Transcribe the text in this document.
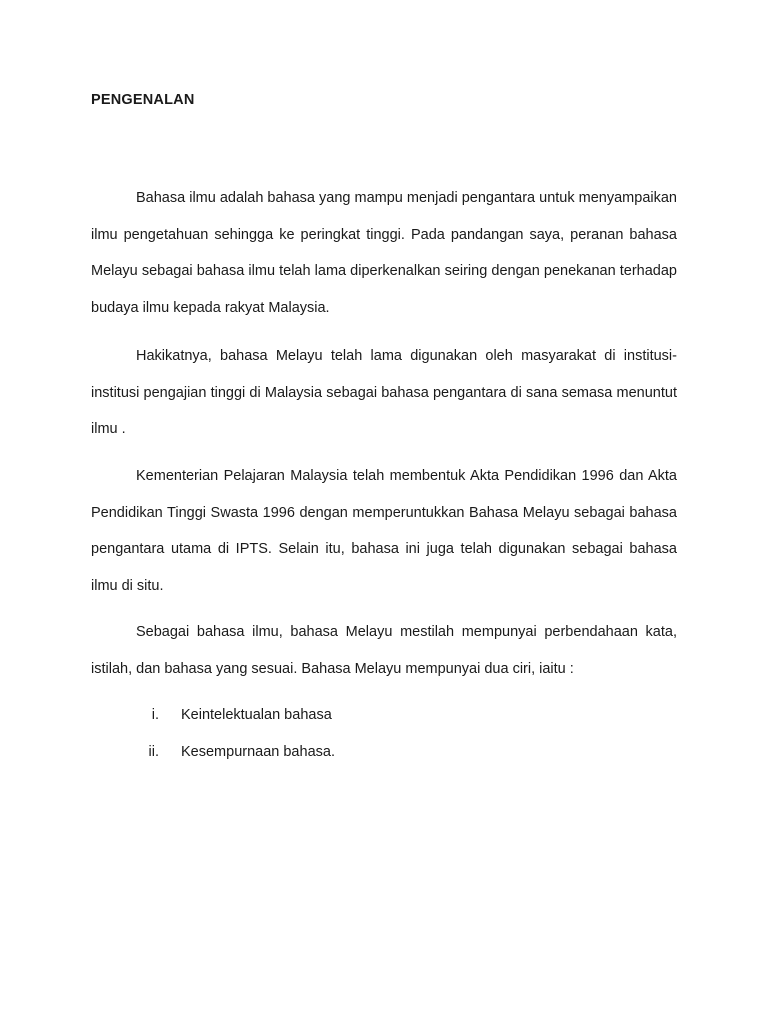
PENGENALAN

Bahasa ilmu adalah bahasa yang mampu menjadi pengantara untuk menyampaikan ilmu pengetahuan sehingga ke peringkat tinggi. Pada pandangan saya, peranan bahasa Melayu sebagai bahasa ilmu telah lama diperkenalkan seiring dengan penekanan terhadap budaya ilmu kepada rakyat Malaysia.

Hakikatnya, bahasa Melayu telah lama digunakan oleh masyarakat di institusi-institusi pengajian tinggi di Malaysia sebagai bahasa pengantara di sana semasa menuntut ilmu .

Kementerian Pelajaran Malaysia telah membentuk Akta Pendidikan 1996 dan Akta Pendidikan Tinggi Swasta 1996 dengan memperuntukkan Bahasa Melayu sebagai bahasa pengantara utama di IPTS. Selain itu, bahasa ini juga telah digunakan sebagai bahasa ilmu di situ.

Sebagai bahasa ilmu, bahasa Melayu mestilah mempunyai perbendahaan kata, istilah, dan bahasa yang sesuai. Bahasa Melayu mempunyai dua ciri, iaitu :

i. Keintelektualan bahasa
ii. Kesempurnaan bahasa.
